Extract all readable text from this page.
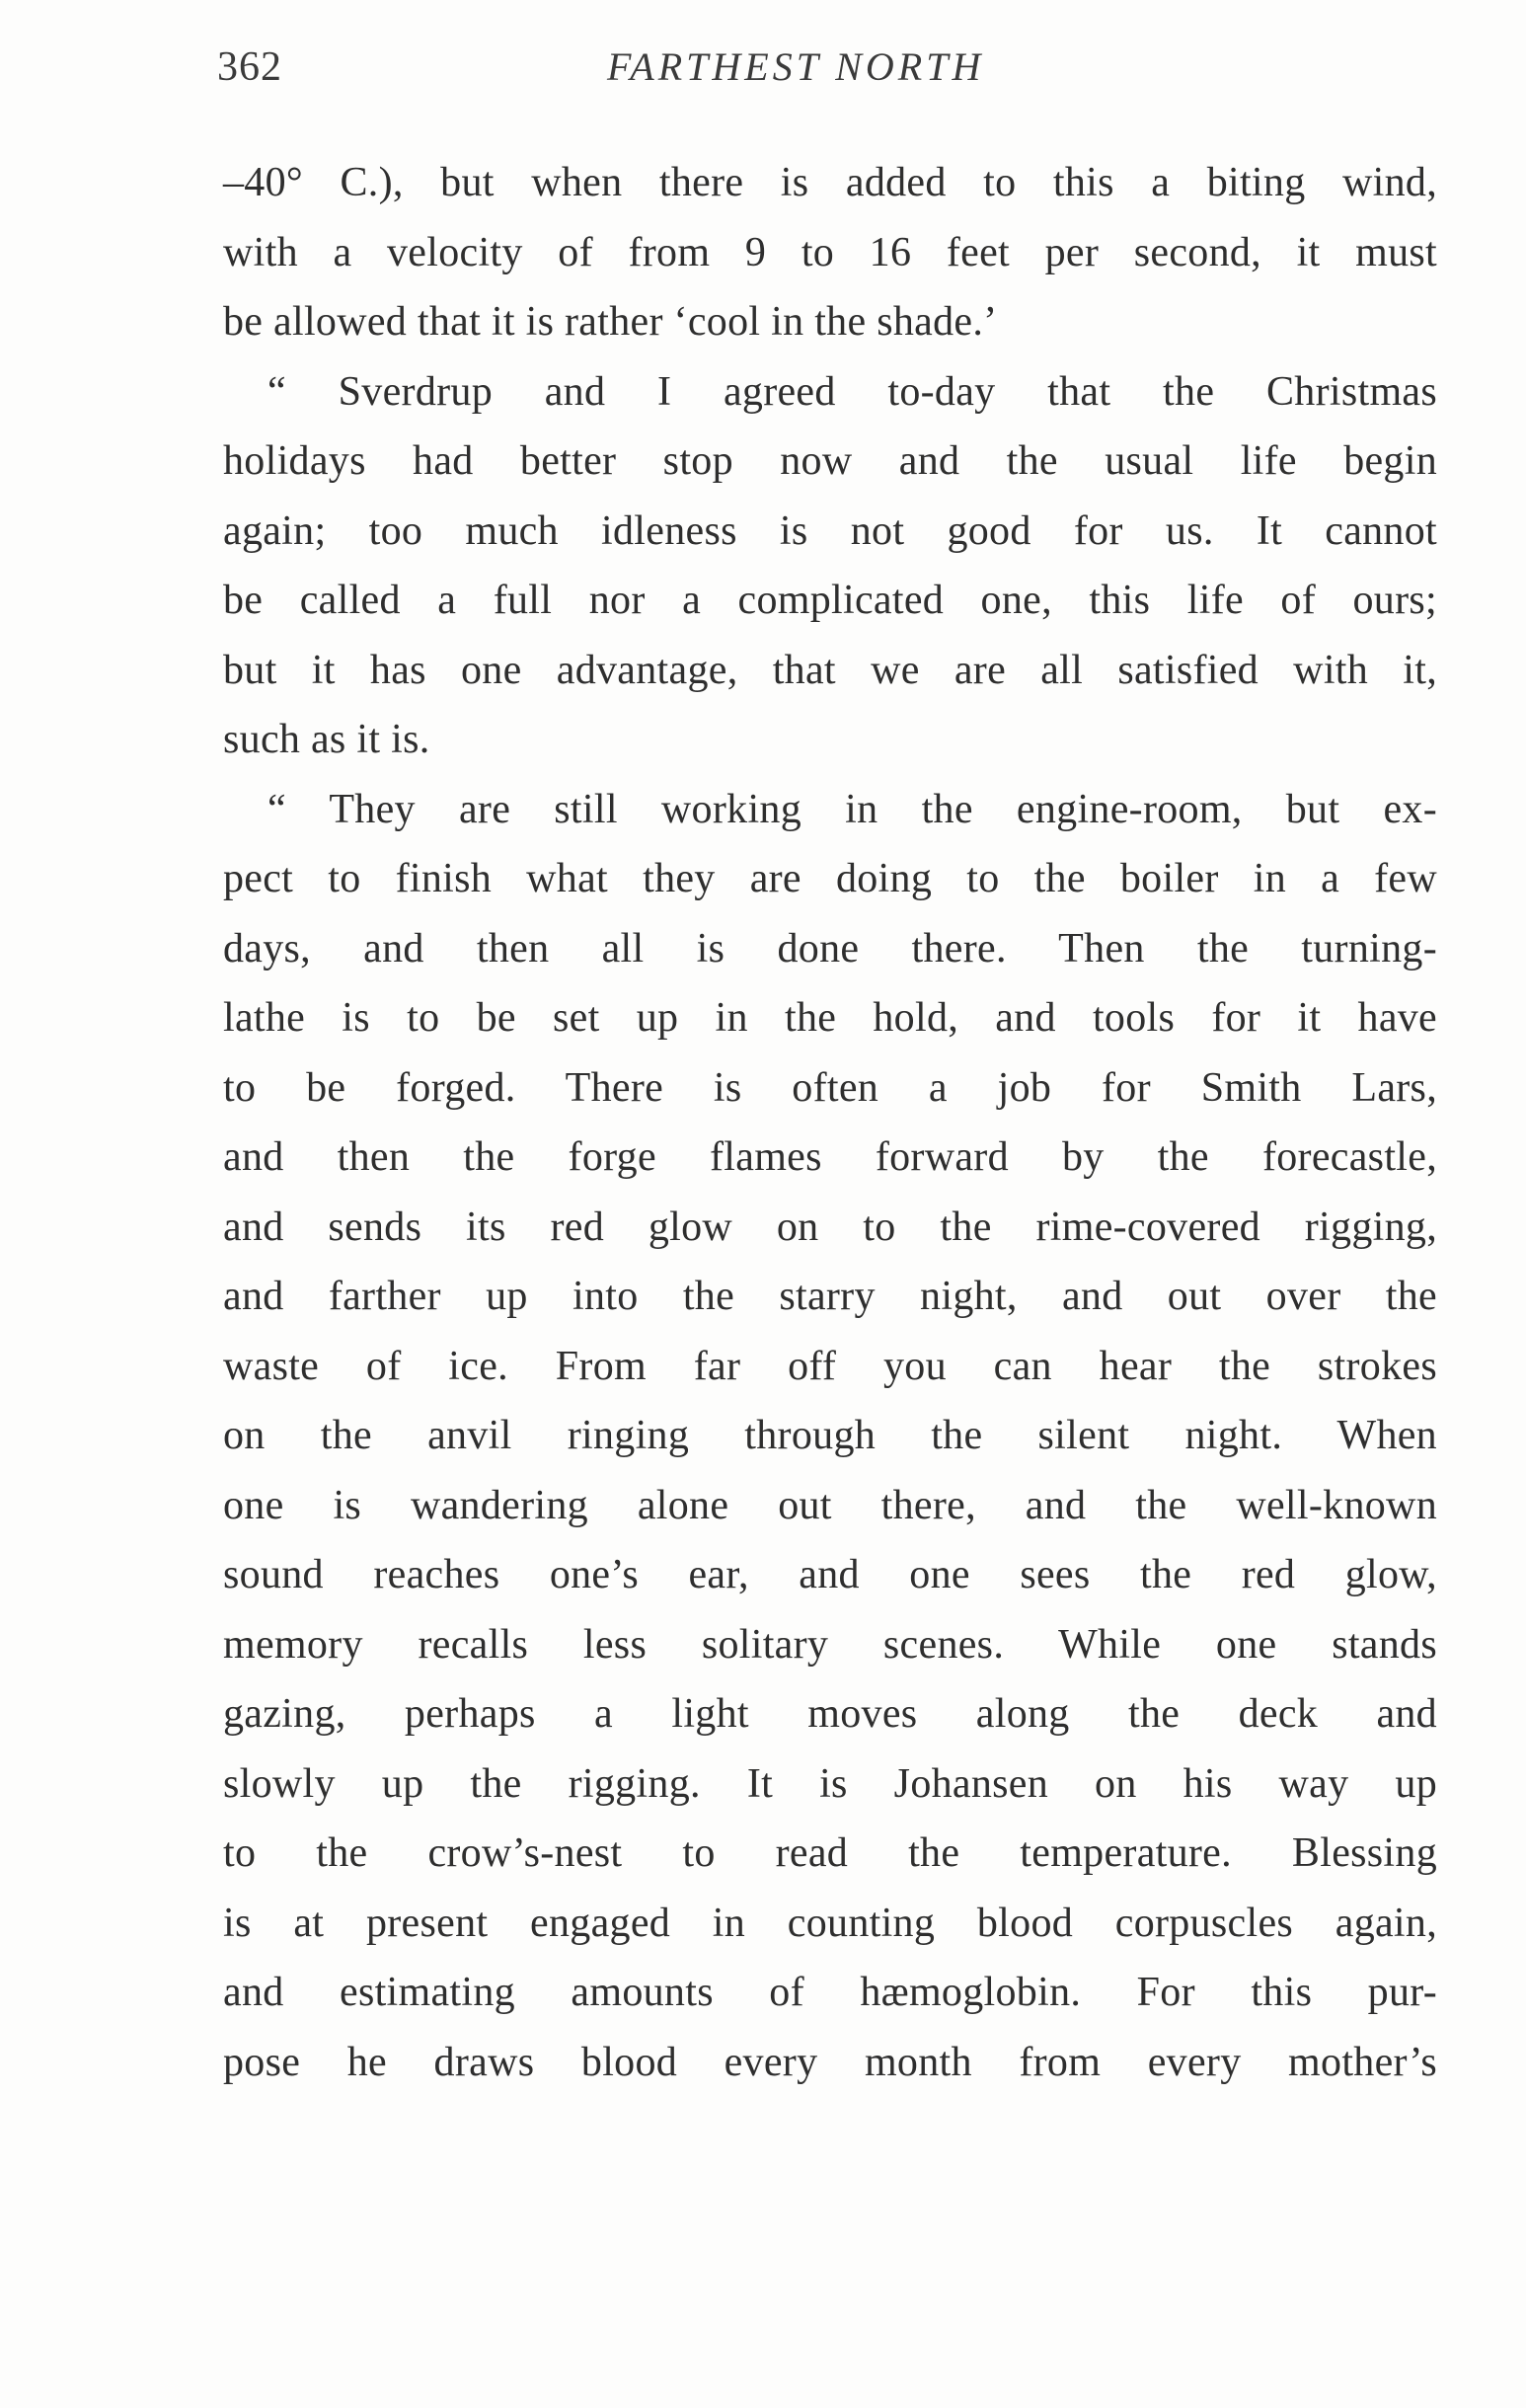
362	FARTHEST NORTH
–40° C.), but when there is added to this a biting wind,
with a velocity of from 9 to 16 feet per second, it must
be allowed that it is rather ‘cool in the shade.’
“ Sverdrup and I agreed to-day that the Christmas
holidays had better stop now and the usual life begin
again; too much idleness is not good for us. It cannot
be called a full nor a complicated one, this life of ours;
but it has one advantage, that we are all satisfied with it,
such as it is.
“ They are still working in the engine-room, but ex-
pect to finish what they are doing to the boiler in a few
days, and then all is done there. Then the turning-
lathe is to be set up in the hold, and tools for it have
to be forged. There is often a job for Smith Lars,
and then the forge flames forward by the forecastle,
and sends its red glow on to the rime-covered rigging,
and farther up into the starry night, and out over the
waste of ice. From far off you can hear the strokes
on the anvil ringing through the silent night. When
one is wandering alone out there, and the well-known
sound reaches one’s ear, and one sees the red glow,
memory recalls less solitary scenes. While one stands
gazing, perhaps a light moves along the deck and
slowly up the rigging. It is Johansen on his way up
to the crow’s-nest to read the temperature. Blessing
is at present engaged in counting blood corpuscles again,
and estimating amounts of hæmoglobin. For this pur-
pose he draws blood every month from every mother’s
